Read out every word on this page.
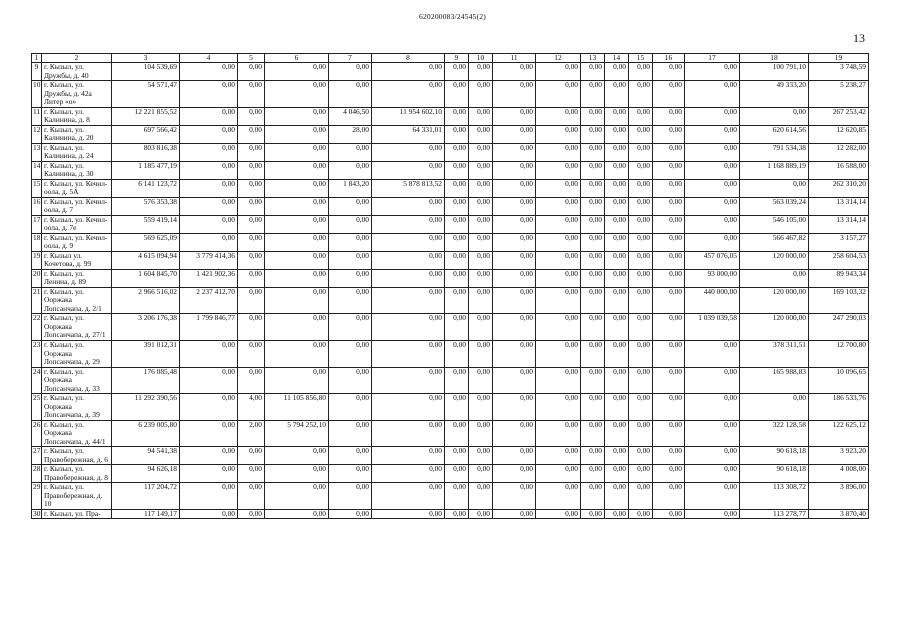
620200083/24545(2)
13
1	2	3	4	5	6	7	8	9	10	11	12	13	14	15	16	17	18	19
9	г. Кызыл, ул. Дружбы, д. 40	104 539,69	0,00	0,00	0,00	0,00	0,00	0,00	0,00	0,00	0,00	0,00	0,00	0,00	0,00	0,00	100 791,10	3 748,59
10	г. Кызыл, ул. Дружбы, д. 42а Литер «о»	54 571,47	0,00	0,00	0,00	0,00	0,00	0,00	0,00	0,00	0,00	0,00	0,00	0,00	0,00	0,00	49 333,20	5 238,27
11	г. Кызыл, ул. Калинина, д. 8	12 221 855,52	0,00	0,00	0,00	4 046,50	11 954 602,10	0,00	0,00	0,00	0,00	0,00	0,00	0,00	0,00	0,00	0,00	267 253,42
12	г. Кызыл, ул. Калинина, д. 20	697 566,42	0,00	0,00	0,00	28,00	64 331,01	0,00	0,00	0,00	0,00	0,00	0,00	0,00	0,00	0,00	620 614,56	12 620,85
13	г. Кызыл, ул. Калинина, д. 24	803 816,38	0,00	0,00	0,00	0,00	0,00	0,00	0,00	0,00	0,00	0,00	0,00	0,00	0,00	0,00	791 534,38	12 282,00
14	г. Кызыл, ул. Калинина, д. 30	1 185 477,19	0,00	0,00	0,00	0,00	0,00	0,00	0,00	0,00	0,00	0,00	0,00	0,00	0,00	0,00	1 168 889,19	16 588,00
15	г. Кызыл, ул. Кечил-оола, д. 5А	6 141 123,72	0,00	0,00	0,00	1 843,20	5 878 813,52	0,00	0,00	0,00	0,00	0,00	0,00	0,00	0,00	0,00	0,00	262 310,20
16	г. Кызыл, ул. Кечил-оола, д. 7	576 353,38	0,00	0,00	0,00	0,00	0,00	0,00	0,00	0,00	0,00	0,00	0,00	0,00	0,00	0,00	563 039,24	13 314,14
17	г. Кызыл, ул. Кечил-оола, д. 7е	559 419,14	0,00	0,00	0,00	0,00	0,00	0,00	0,00	0,00	0,00	0,00	0,00	0,00	0,00	0,00	546 105,00	13 314,14
18	г. Кызыл, ул. Кечил-оола, д. 9	569 625,09	0,00	0,00	0,00	0,00	0,00	0,00	0,00	0,00	0,00	0,00	0,00	0,00	0,00	0,00	566 467,82	3 157,27
19	г. Кызыл ул. Кочетова, д. 99	4 615 094,94	3 779 414,36	0,00	0,00	0,00	0,00	0,00	0,00	0,00	0,00	0,00	0,00	0,00	0,00	457 076,05	120 000,00	258 604,53
20	г. Кызыл, ул. Ленина, д. 89	1 604 845,70	1 421 902,36	0,00	0,00	0,00	0,00	0,00	0,00	0,00	0,00	0,00	0,00	0,00	0,00	93 000,00	0,00	89 943,34
21	г. Кызыл, ул. Ооржака Лопсанчапа, д. 2/1	2 966 516,02	2 237 412,70	0,00	0,00	0,00	0,00	0,00	0,00	0,00	0,00	0,00	0,00	0,00	0,00	440 000,00	120 000,00	169 103,32
22	г. Кызыл, ул. Ооржака Лопсанчапа, д. 27/1	3 206 176,38	1 799 846,77	0,00	0,00	0,00	0,00	0,00	0,00	0,00	0,00	0,00	0,00	0,00	0,00	1 039 039,58	120 000,00	247 290,03
23	г. Кызыл, ул. Ооржака Лопсанчапа, д. 29	391 012,31	0,00	0,00	0,00	0,00	0,00	0,00	0,00	0,00	0,00	0,00	0,00	0,00	0,00	0,00	378 311,51	12 700,80
24	г. Кызыл, ул. Ооржака Лопсанчапа, д. 33	176 085,48	0,00	0,00	0,00	0,00	0,00	0,00	0,00	0,00	0,00	0,00	0,00	0,00	0,00	0,00	165 988,83	10 096,65
25	г. Кызыл, ул. Ооржака Лопсанчапа, д. 39	11 292 390,56	0,00	4,00	11 105 856,80	0,00	0,00	0,00	0,00	0,00	0,00	0,00	0,00	0,00	0,00	0,00	0,00	186 533,76
26	г. Кызыл, ул. Ооржака Лопсанчапа, д. 44/1	6 239 005,80	0,00	2,00	5 794 252,10	0,00	0,00	0,00	0,00	0,00	0,00	0,00	0,00	0,00	0,00	0,00	322 128,58	122 625,12
27	г. Кызыл, ул. Правобережная, д. 6	94 541,38	0,00	0,00	0,00	0,00	0,00	0,00	0,00	0,00	0,00	0,00	0,00	0,00	0,00	0,00	90 618,18	3 923,20
28	г. Кызыл, ул. Правобережная, д. 8	94 626,18	0,00	0,00	0,00	0,00	0,00	0,00	0,00	0,00	0,00	0,00	0,00	0,00	0,00	0,00	90 618,18	4 008,00
29	г. Кызыл, ул. Правобережная, д. 10	117 204,72	0,00	0,00	0,00	0,00	0,00	0,00	0,00	0,00	0,00	0,00	0,00	0,00	0,00	0,00	113 308,72	3 896,00
30	г. Кызыл, ул. Пра-	117 149,17	0,00	0,00	0,00	0,00	0,00	0,00	0,00	0,00	0,00	0,00	0,00	0,00	0,00	0,00	113 278,77	3 870,40
